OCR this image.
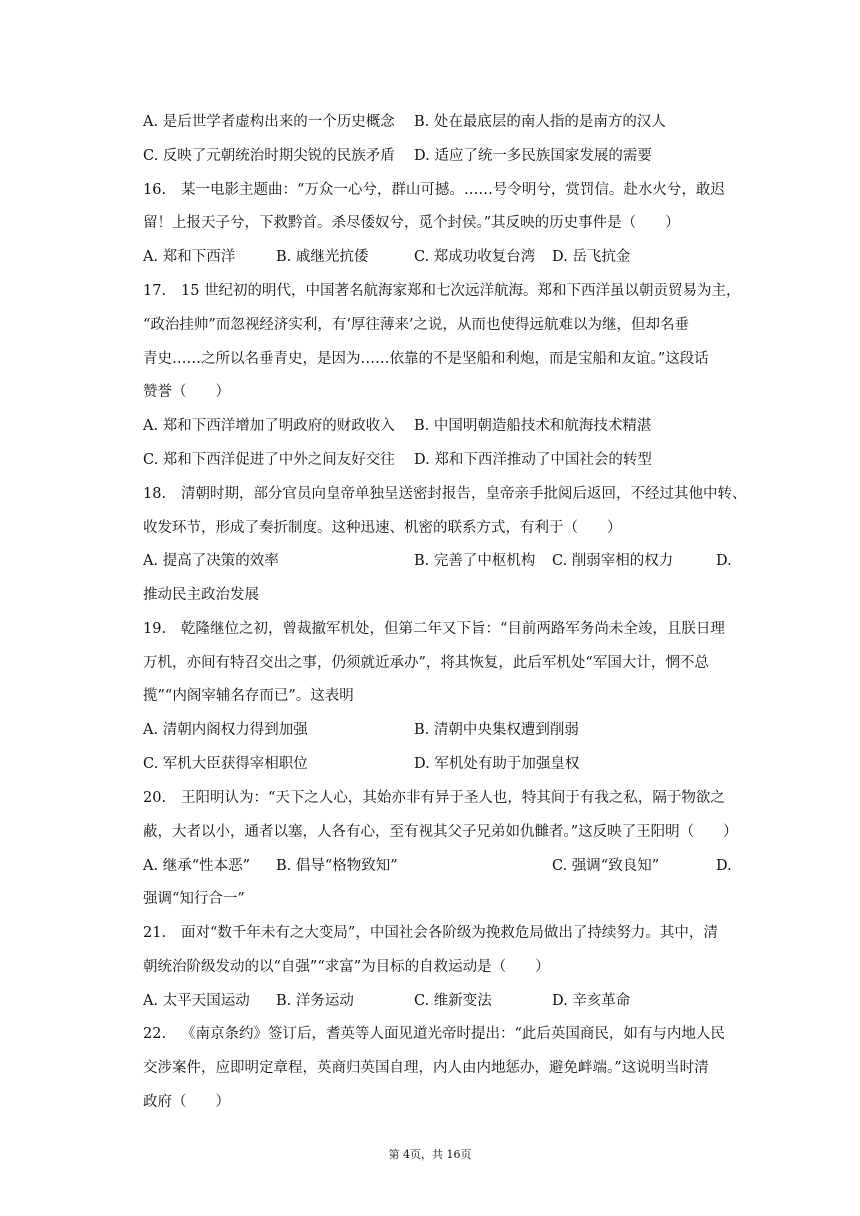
A. 是后世学者虚构出来的一个历史概念 B. 处在最底层的南人指的是南方的汉人
C. 反映了元朝统治时期尖锐的民族矛盾 D. 适应了统一多民族国家发展的需要
16. 某一电影主题曲：“万众一心兮，群山可撼。……号令明兮，赏罚信。赴水火兮，敢迟
留！上报天子兮，下救黔首。杀尽倭奴兮，觅个封侯。”其反映的历史事件是（　　）
A. 郑和下西洋	B. 戚继光抗倭	C. 郑成功收复台湾 D. 岳飞抗金
17. 15 世纪初的明代，中国著名航海家郑和七次远洋航海。郑和下西洋虽以朝贡贸易为主，
“政治挂帅”而忽视经济实利，有‘厚往薄来’之说，从而也使得远航难以为继，但却名垂
青史……之所以名垂青史，是因为……依靠的不是坚船和利炮，而是宝船和友谊。”这段话
赞誉（　　）
A. 郑和下西洋增加了明政府的财政收入 B. 中国明朝造船技术和航海技术精湛
C. 郑和下西洋促进了中外之间友好交往 D. 郑和下西洋推动了中国社会的转型
18. 清朝时期，部分官员向皇帝单独呈送密封报告，皇帝亲手批阅后返回，不经过其他中转、
收发环节，形成了奏折制度。这种迅速、机密的联系方式，有利于（　　）
A. 提高了决策的效率	B. 完善了中枢机构 C. 削弱宰相的权力	D.
推动民主政治发展
19. 乾隆继位之初，曾裁撤军机处，但第二年又下旨：“目前两路军务尚未全竣，且朕日理
万机，亦间有特召交出之事，仍须就近承办”，将其恢复，此后军机处“军国大计，惘不总
揽”“内阁宰辅名存而已”。这表明
A. 清朝内阁权力得到加强	B. 清朝中央集权遭到削弱
C. 军机大臣获得宰相职位	D. 军机处有助于加强皇权
20. 王阳明认为：“天下之人心，其始亦非有异于圣人也，特其间于有我之私，隔于物欲之
蔽，大者以小，通者以塞，人各有心，至有视其父子兄弟如仇雠者。”这反映了王阳明（　　）
A. 继承“性本恶” B. 倡导“格物致知”	C. 强调“致良知”	D.
强调“知行合一”
21. 面对“数千年未有之大变局”，中国社会各阶级为挽救危局做出了持续努力。其中，清
朝统治阶级发动的以“自强”“求富”为目标的自救运动是（　　）
A. 太平天国运动 B. 洋务运动	C. 维新变法	D. 辛亥革命
22. 《南京条约》签订后，耆英等人面见道光帝时提出：“此后英国商民，如有与内地人民
交涉案件，应即明定章程，英商归英国自理，内人由内地惩办，避免衅端。”这说明当时清
政府（　　）
第 4页，共 16页
